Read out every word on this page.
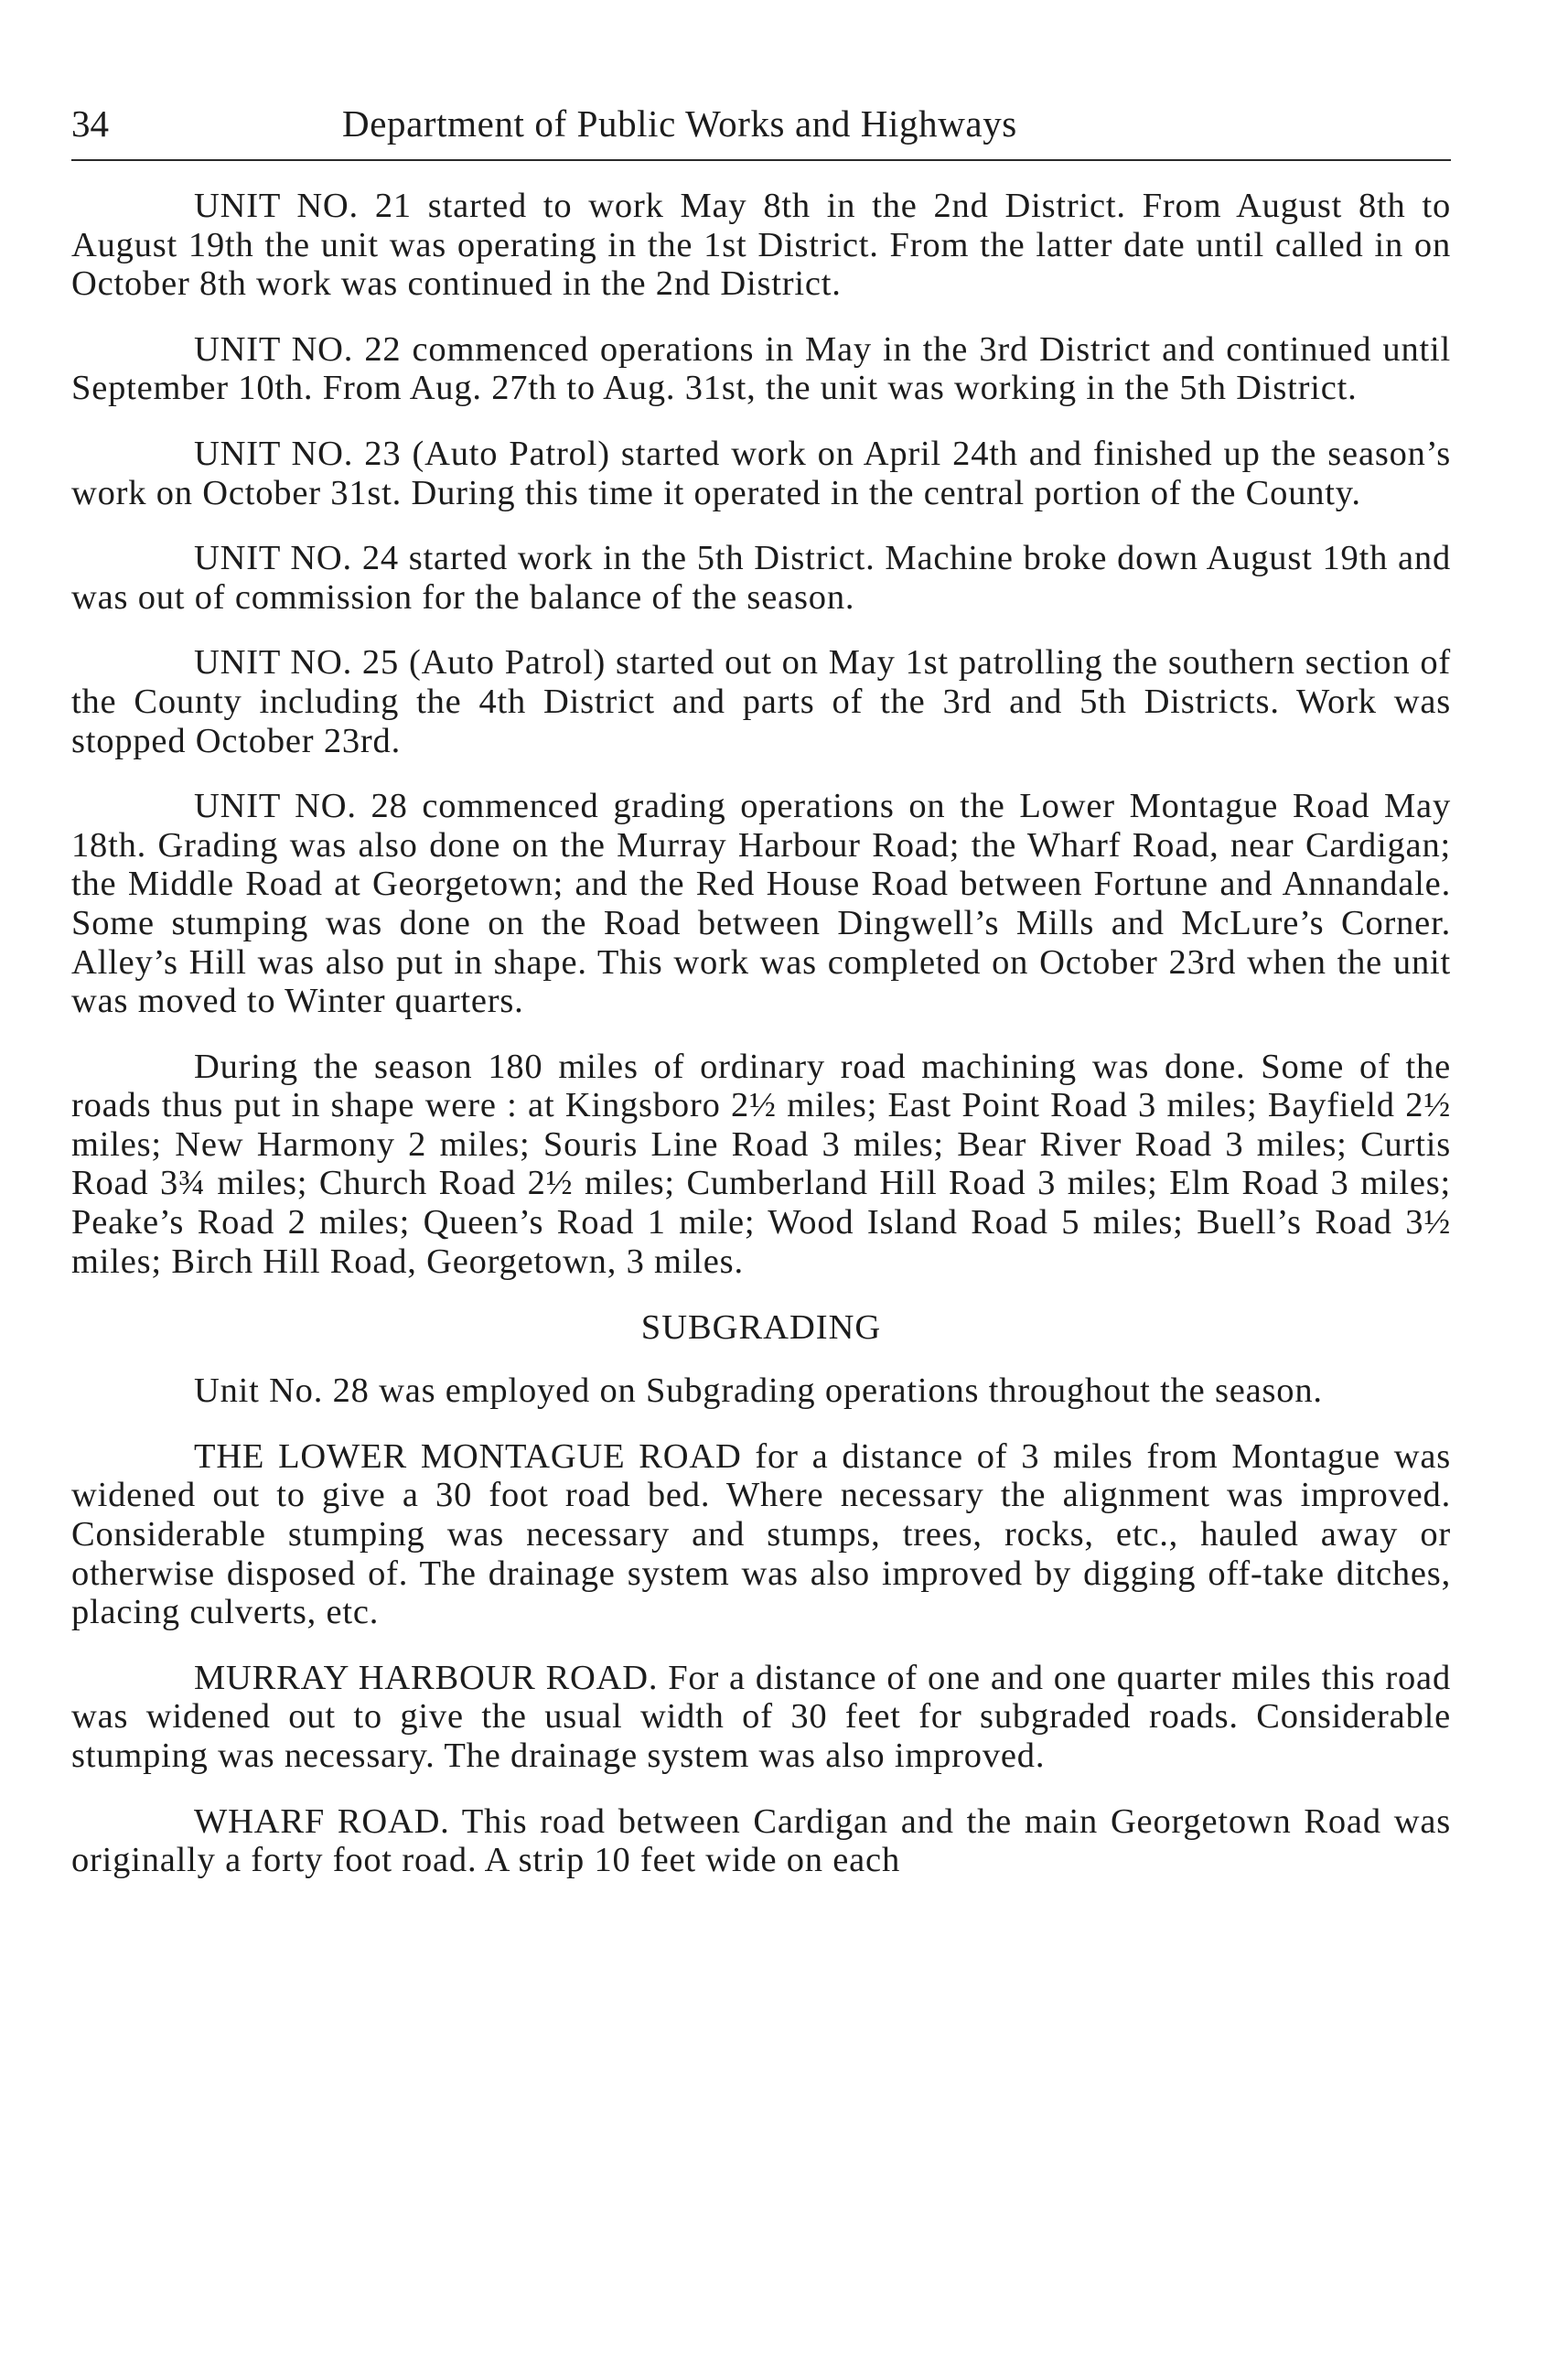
34	Department of Public Works and Highways

UNIT NO. 21 started to work May 8th in the 2nd District. From August 8th to August 19th the unit was operating in the 1st District. From the latter date until called in on October 8th work was continued in the 2nd District.

UNIT NO. 22 commenced operations in May in the 3rd District and continued until September 10th. From Aug. 27th to Aug. 31st, the unit was working in the 5th District.

UNIT NO. 23 (Auto Patrol) started work on April 24th and finished up the season’s work on October 31st. During this time it operated in the central portion of the County.

UNIT NO. 24 started work in the 5th District. Machine broke down August 19th and was out of commission for the balance of the season.

UNIT NO. 25 (Auto Patrol) started out on May 1st patrolling the southern section of the County including the 4th District and parts of the 3rd and 5th Districts. Work was stopped October 23rd.

UNIT NO. 28 commenced grading operations on the Lower Montague Road May 18th. Grading was also done on the Murray Harbour Road; the Wharf Road, near Cardigan; the Middle Road at Georgetown; and the Red House Road between Fortune and Annandale. Some stumping was done on the Road between Dingwell’s Mills and McLure’s Corner. Alley’s Hill was also put in shape. This work was completed on October 23rd when the unit was moved to Winter quarters.

During the season 180 miles of ordinary road machining was done. Some of the roads thus put in shape were : at Kingsboro 2½ miles; East Point Road 3 miles; Bayfield 2½ miles; New Harmony 2 miles; Souris Line Road 3 miles; Bear River Road 3 miles; Curtis Road 3¾ miles; Church Road 2½ miles; Cumberland Hill Road 3 miles; Elm Road 3 miles; Peake’s Road 2 miles; Queen’s Road 1 mile; Wood Island Road 5 miles; Buell’s Road 3½ miles; Birch Hill Road, Georgetown, 3 miles.

SUBGRADING

Unit No. 28 was employed on Subgrading operations throughout the season.

THE LOWER MONTAGUE ROAD for a distance of 3 miles from Montague was widened out to give a 30 foot road bed. Where necessary the alignment was improved. Considerable stumping was necessary and stumps, trees, rocks, etc., hauled away or otherwise disposed of. The drainage system was also improved by digging off-take ditches, placing culverts, etc.

MURRAY HARBOUR ROAD. For a distance of one and one quarter miles this road was widened out to give the usual width of 30 feet for subgraded roads. Considerable stumping was necessary. The drainage system was also improved.

WHARF ROAD. This road between Cardigan and the main Georgetown Road was originally a forty foot road. A strip 10 feet wide on each
